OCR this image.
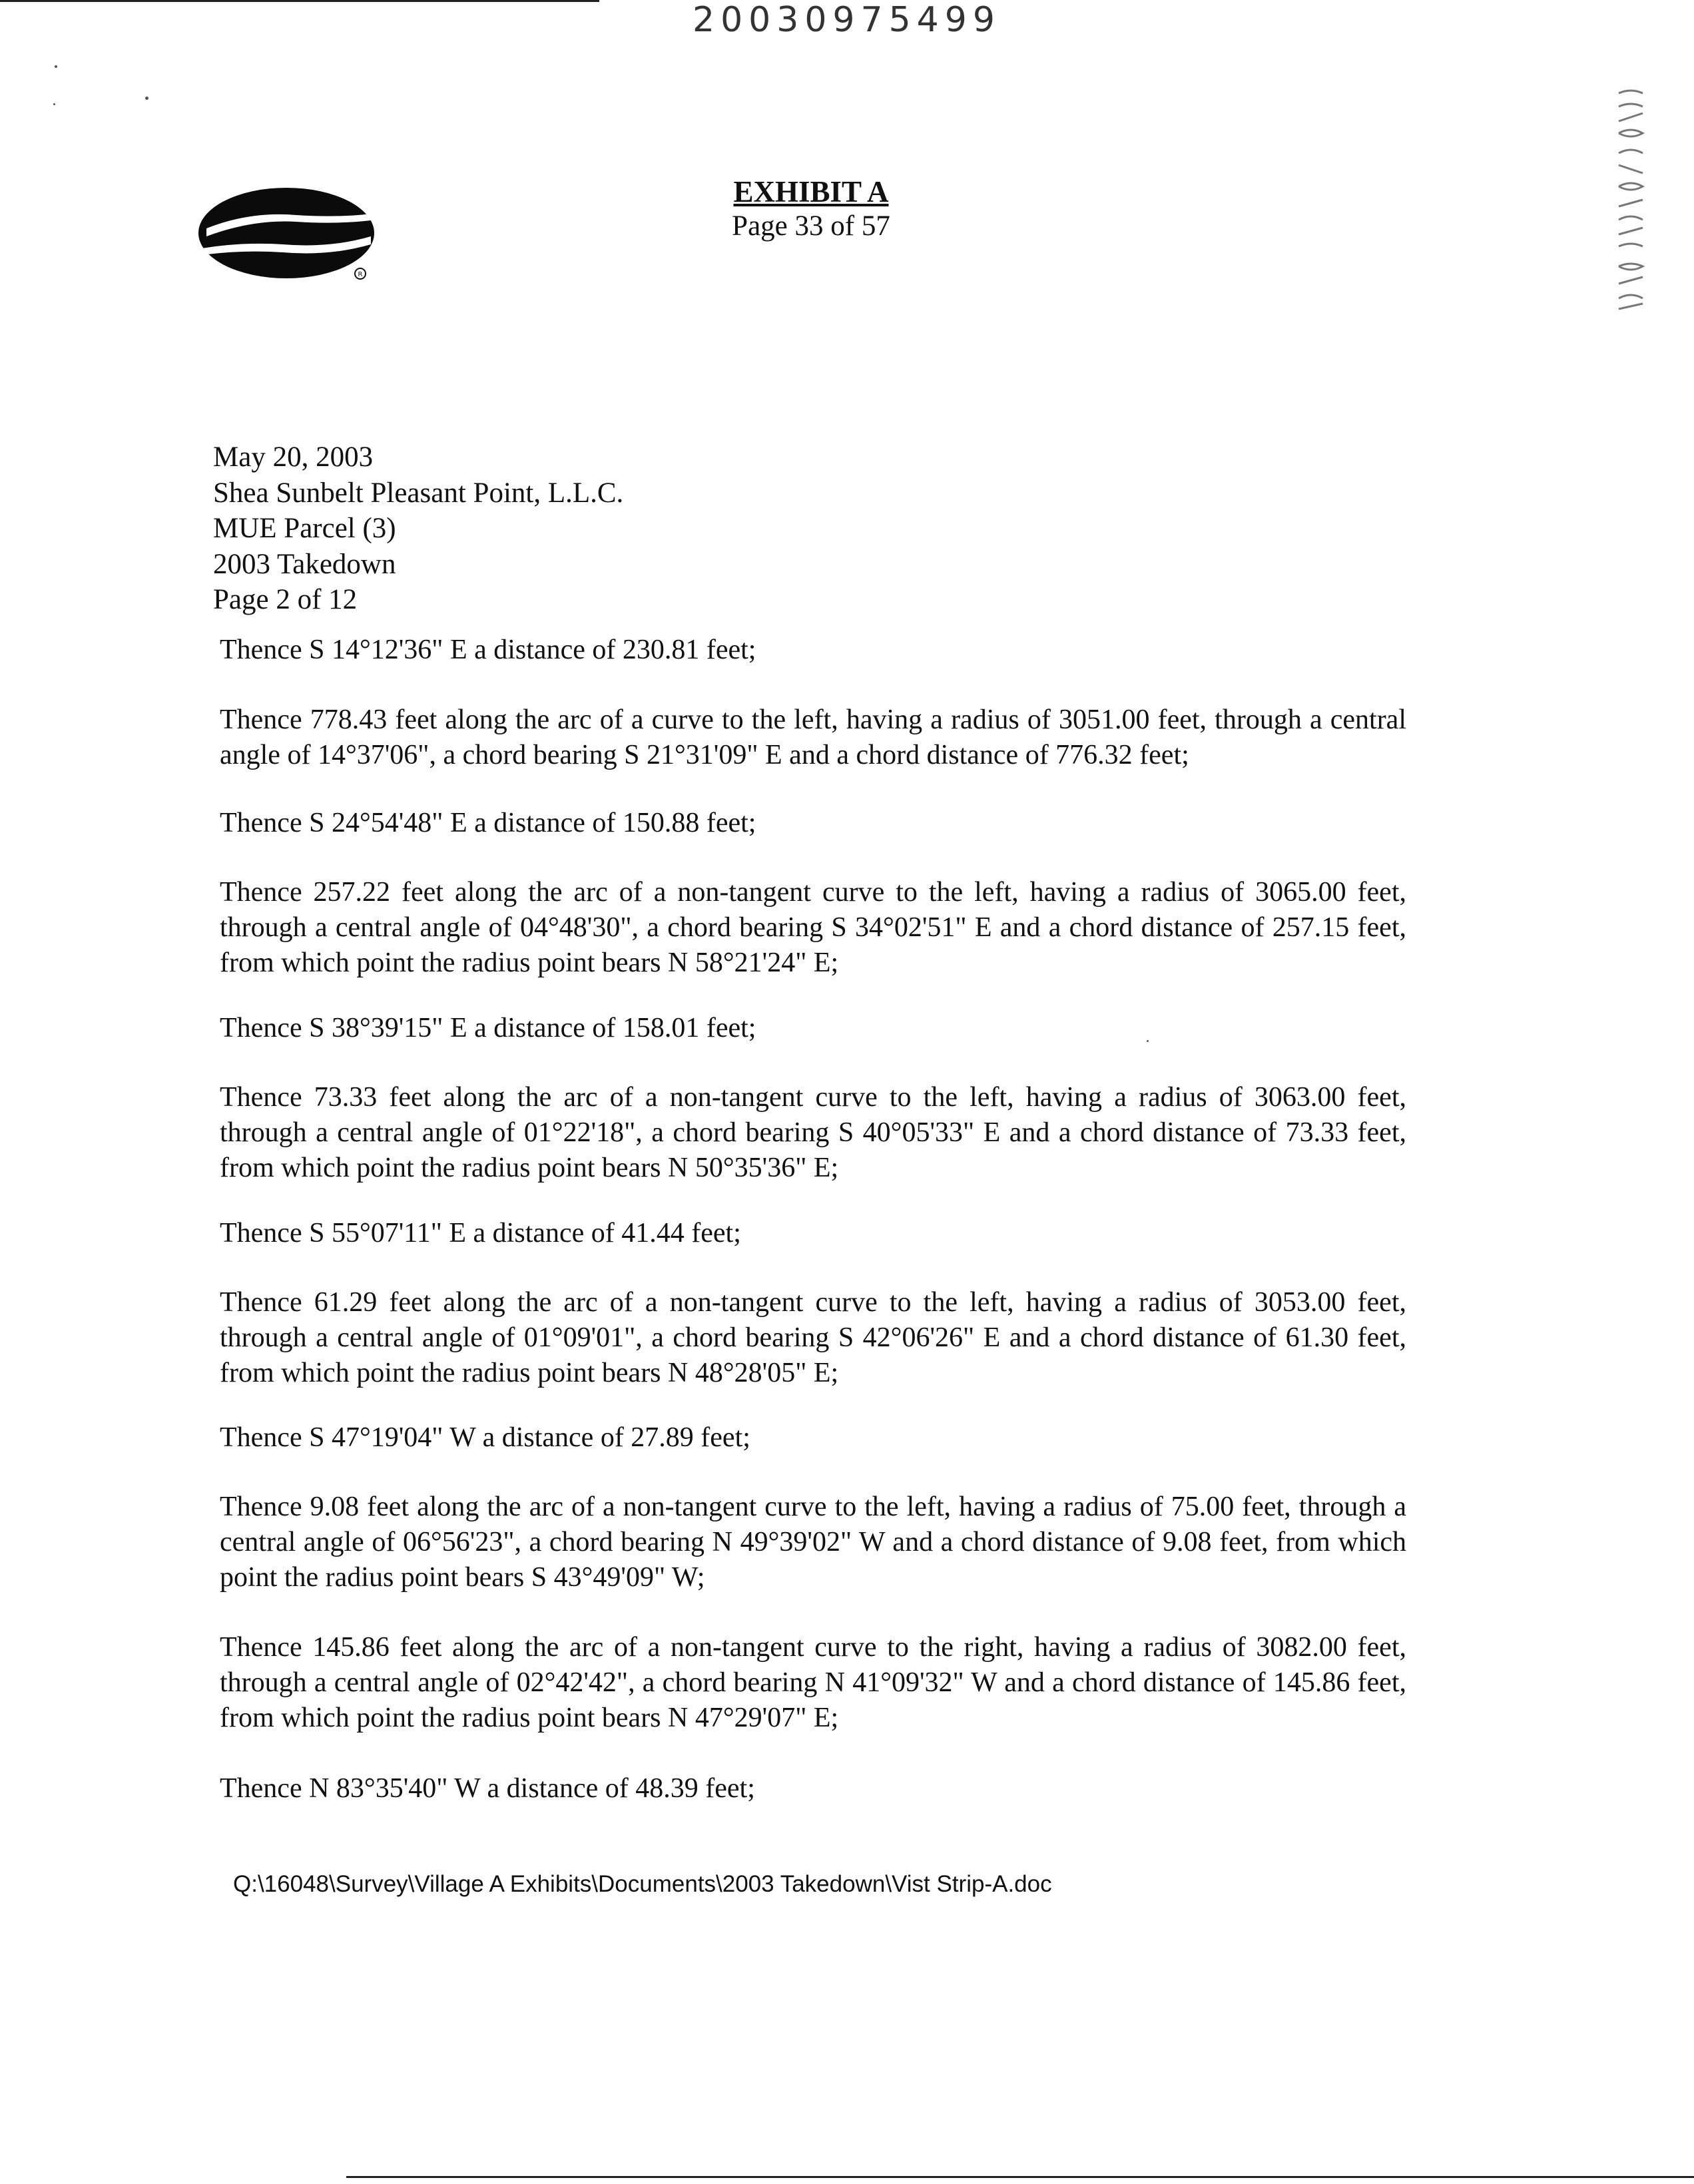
20030975499
R
EXHIBIT A
Page 33 of 57
May 20, 2003
Shea Sunbelt Pleasant Point, L.L.C.
MUE Parcel (3)
2003 Takedown
Page 2 of 12

Thence S 14°12'36" E a distance of 230.81 feet;

Thence 778.43 feet along the arc of a curve to the left, having a radius of 3051.00 feet, through a central angle of 14°37'06", a chord bearing S 21°31'09" E and a chord distance of 776.32 feet;

Thence S 24°54'48" E a distance of 150.88 feet;

Thence 257.22 feet along the arc of a non-tangent curve to the left, having a radius of 3065.00 feet, through a central angle of 04°48'30", a chord bearing S 34°02'51" E and a chord distance of 257.15 feet, from which point the radius point bears N 58°21'24" E;

Thence S 38°39'15" E a distance of 158.01 feet;

Thence 73.33 feet along the arc of a non-tangent curve to the left, having a radius of 3063.00 feet, through a central angle of 01°22'18", a chord bearing S 40°05'33" E and a chord distance of 73.33 feet, from which point the radius point bears N 50°35'36" E;

Thence S 55°07'11" E a distance of 41.44 feet;

Thence 61.29 feet along the arc of a non-tangent curve to the left, having a radius of 3053.00 feet, through a central angle of 01°09'01", a chord bearing S 42°06'26" E and a chord distance of 61.30 feet, from which point the radius point bears N 48°28'05" E;

Thence S 47°19'04" W a distance of 27.89 feet;

Thence 9.08 feet along the arc of a non-tangent curve to the left, having a radius of 75.00 feet, through a central angle of 06°56'23", a chord bearing N 49°39'02" W and a chord distance of 9.08 feet, from which point the radius point bears S 43°49'09" W;

Thence 145.86 feet along the arc of a non-tangent curve to the right, having a radius of 3082.00 feet, through a central angle of 02°42'42", a chord bearing N 41°09'32" W and a chord distance of 145.86 feet, from which point the radius point bears N 47°29'07" E;

Thence N 83°35'40" W a distance of 48.39 feet;

Q:\16048\Survey\Village A Exhibits\Documents\2003 Takedown\Vist Strip-A.doc
